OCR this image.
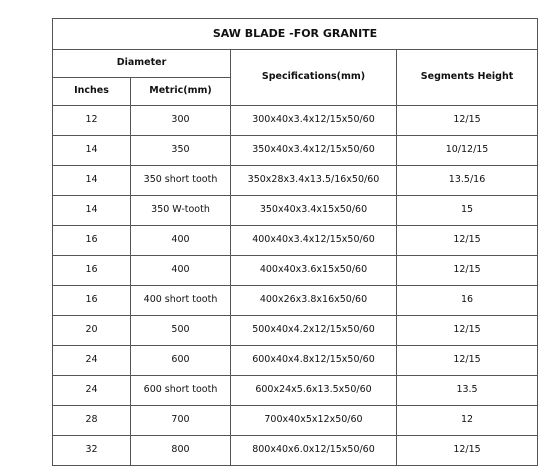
SAW BLADE -FOR GRANITE			
Diameter		Specifications(mm)	Segments Height
Inches	Metric(mm)		
12	300	300x40x3.4x12/15x50/60	12/15
14	350	350x40x3.4x12/15x50/60	10/12/15
14	350 short tooth	350x28x3.4x13.5/16x50/60	13.5/16
14	350 W-tooth	350x40x3.4x15x50/60	15
16	400	400x40x3.4x12/15x50/60	12/15
16	400	400x40x3.6x15x50/60	12/15
16	400 short tooth	400x26x3.8x16x50/60	16
20	500	500x40x4.2x12/15x50/60	12/15
24	600	600x40x4.8x12/15x50/60	12/15
24	600 short tooth	600x24x5.6x13.5x50/60	13.5
28	700	700x40x5x12x50/60	12
32	800	800x40x6.0x12/15x50/60	12/15
